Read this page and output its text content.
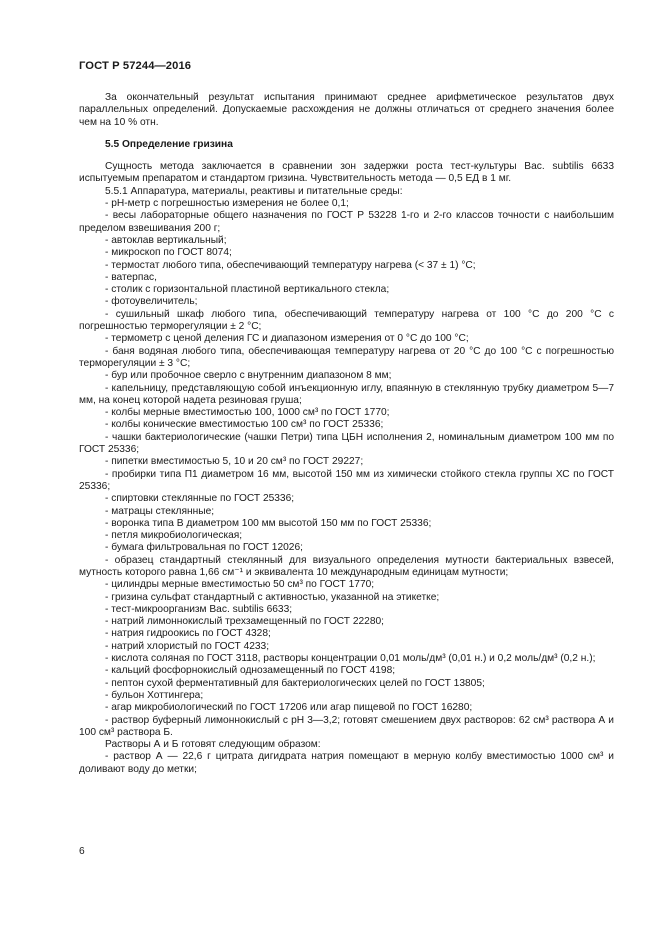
ГОСТ Р 57244—2016

За окончательный результат испытания принимают среднее арифметическое результатов двух параллельных определений. Допускаемые расхождения не должны отличаться от среднего значения более чем на 10 % отн.

5.5 Определение гризина

Сущность метода заключается в сравнении зон задержки роста тест-культуры Bac. subtilis 6633 испытуемым препаратом и стандартом гризина. Чувствительность метода — 0,5 ЕД в 1 мг.

5.5.1 Аппаратура, материалы, реактивы и питательные среды:

- pH-метр с погрешностью измерения не более 0,1;

- весы лабораторные общего назначения по ГОСТ Р 53228 1-го и 2-го классов точности с наибольшим пределом взвешивания 200 г;

- автоклав вертикальный;

- микроскоп по ГОСТ 8074;

- термостат любого типа, обеспечивающий температуру нагрева (< 37 ± 1) °С;

- ватерпас,

- столик с горизонтальной пластиной вертикального стекла;

- фотоувеличитель;

- сушильный шкаф любого типа, обеспечивающий температуру нагрева от 100 °С до 200 °С с погрешностью терморегуляции ± 2 °С;

- термометр с ценой деления ГС и диапазоном измерения от 0 °С до 100 °С;

- баня водяная любого типа, обеспечивающая температуру нагрева от 20 °С до 100 °С с погрешностью терморегуляции ± 3 °С;

- бур или пробочное сверло с внутренним диапазоном 8 мм;

- капельницу, представляющую собой инъекционную иглу, впаянную в стеклянную трубку диаметром 5—7 мм, на конец которой надета резиновая груша;

- колбы мерные вместимостью 100, 1000 см³ по ГОСТ 1770;

- колбы конические вместимостью 100 см³ по ГОСТ 25336;

- чашки бактериологические (чашки Петри) типа ЦБН исполнения 2, номинальным диаметром 100 мм по ГОСТ 25336;

- пипетки вместимостью 5, 10 и 20 см³ по ГОСТ 29227;

- пробирки типа П1 диаметром 16 мм, высотой 150 мм из химически стойкого стекла группы ХС по ГОСТ 25336;

- спиртовки стеклянные по ГОСТ 25336;

- матрацы стеклянные;

- воронка типа В диаметром 100 мм высотой 150 мм по ГОСТ 25336;

- петля микробиологическая;

- бумага фильтровальная по ГОСТ 12026;

- образец стандартный стеклянный для визуального определения мутности бактериальных взвесей, мутность которого равна 1,66 см⁻¹ и эквивалента 10 международным единицам мутности;

- цилиндры мерные вместимостью 50 см³ по ГОСТ 1770;

- гризина сульфат стандартный с активностью, указанной на этикетке;

- тест-микроорганизм Bac. subtilis 6633;

- натрий лимоннокислый трехзамещенный по ГОСТ 22280;

- натрия гидроокись по ГОСТ 4328;

- натрий хлористый по ГОСТ 4233;

- кислота соляная по ГОСТ 3118, растворы концентрации 0,01 моль/дм³ (0,01 н.) и 0,2 моль/дм³ (0,2 н.);

- кальций фосфорнокислый однозамещенный по ГОСТ 4198;

- пептон сухой ферментативный для бактериологических целей по ГОСТ 13805;

- бульон Хоттингера;

- агар микробиологический по ГОСТ 17206 или агар пищевой по ГОСТ 16280;

- раствор буферный лимоннокислый с pH 3—3,2; готовят смешением двух растворов: 62 см³ раствора А и 100 см³ раствора Б.

Растворы А и Б готовят следующим образом:

- раствор А — 22,6 г цитрата дигидрата натрия помещают в мерную колбу вместимостью 1000 см³ и доливают воду до метки;

6
